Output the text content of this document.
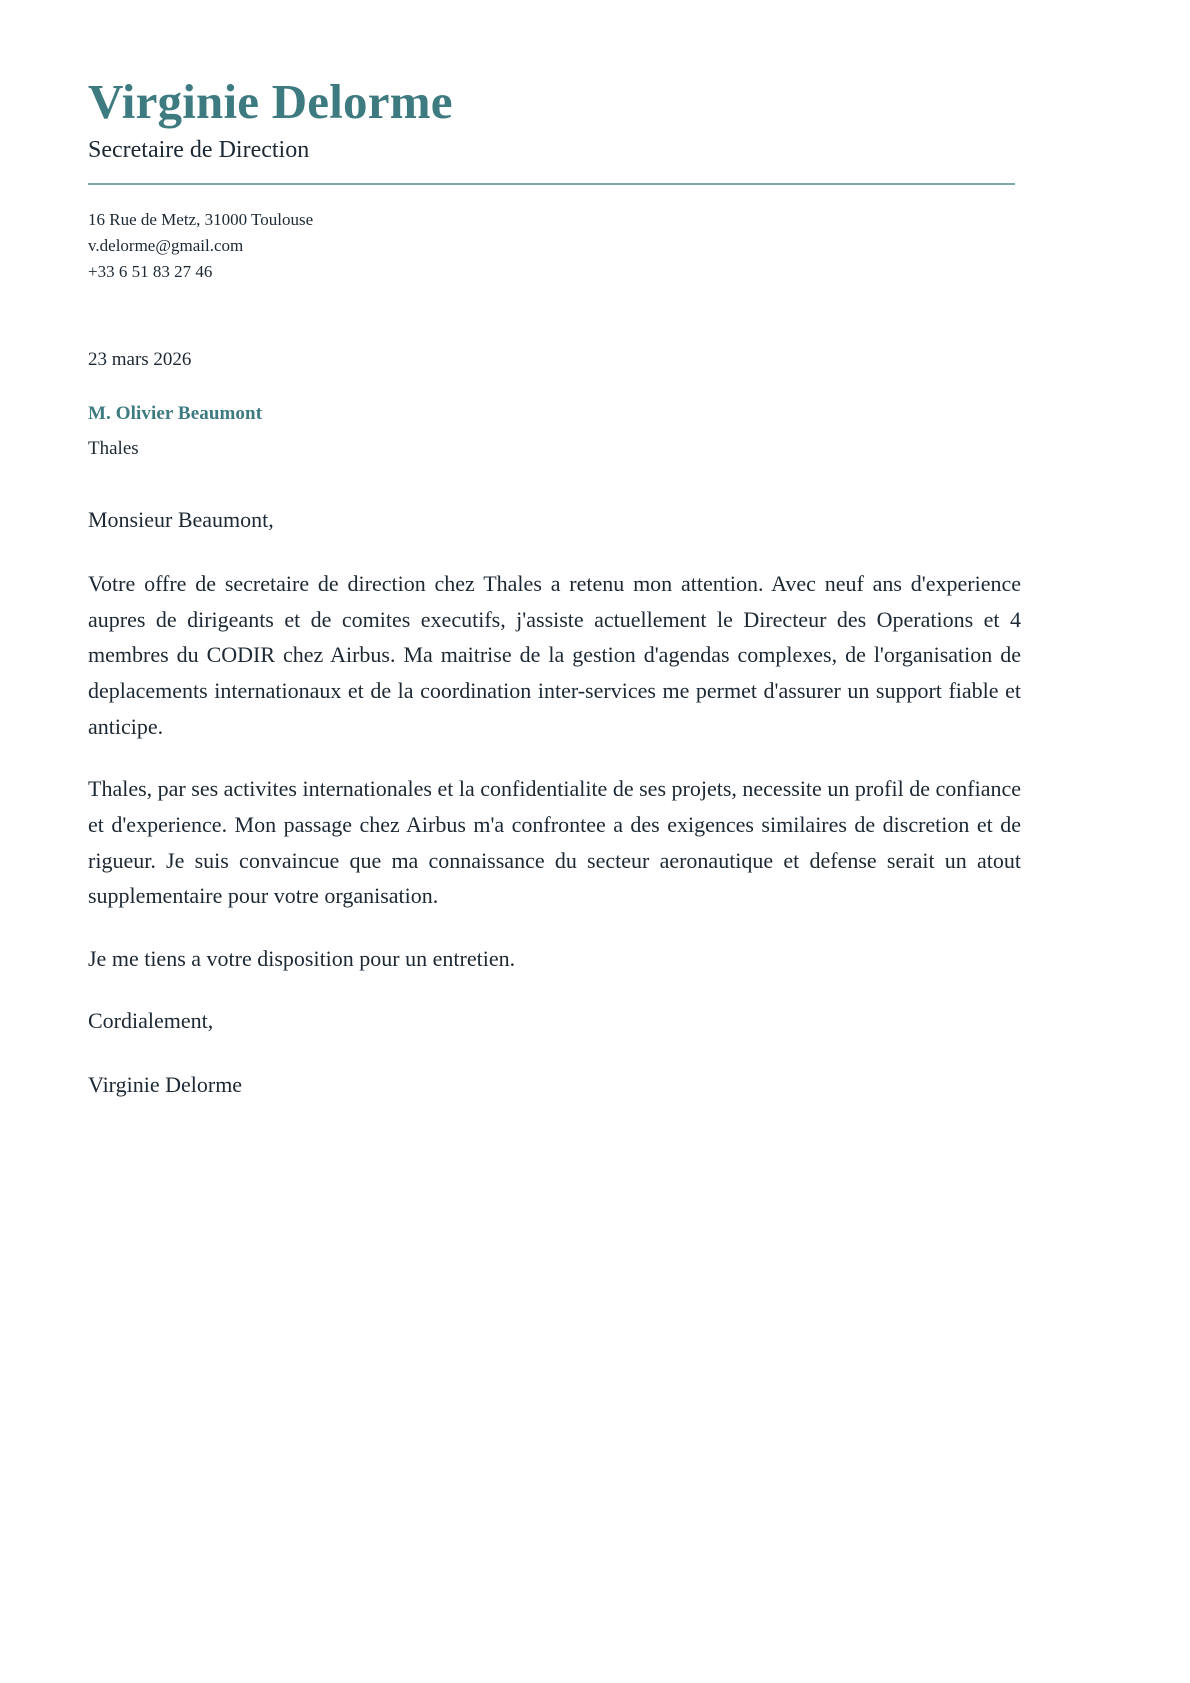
Virginie Delorme
Secretaire de Direction
16 Rue de Metz, 31000 Toulouse
v.delorme@gmail.com
+33 6 51 83 27 46
23 mars 2026
M. Olivier Beaumont
Thales

Monsieur Beaumont,

Votre offre de secretaire de direction chez Thales a retenu mon attention. Avec neuf ans d'experience aupres de dirigeants et de comites executifs, j'assiste actuellement le Directeur des Operations et 4 membres du CODIR chez Airbus. Ma maitrise de la gestion d'agendas complexes, de l'organisation de deplacements internationaux et de la coordination inter-services me permet d'assurer un support fiable et anticipe.

Thales, par ses activites internationales et la confidentialite de ses projets, necessite un profil de confiance et d'experience. Mon passage chez Airbus m'a confrontee a des exigences similaires de discretion et de rigueur. Je suis convaincue que ma connaissance du secteur aeronautique et defense serait un atout supplementaire pour votre organisation.

Je me tiens a votre disposition pour un entretien.

Cordialement,

Virginie Delorme
